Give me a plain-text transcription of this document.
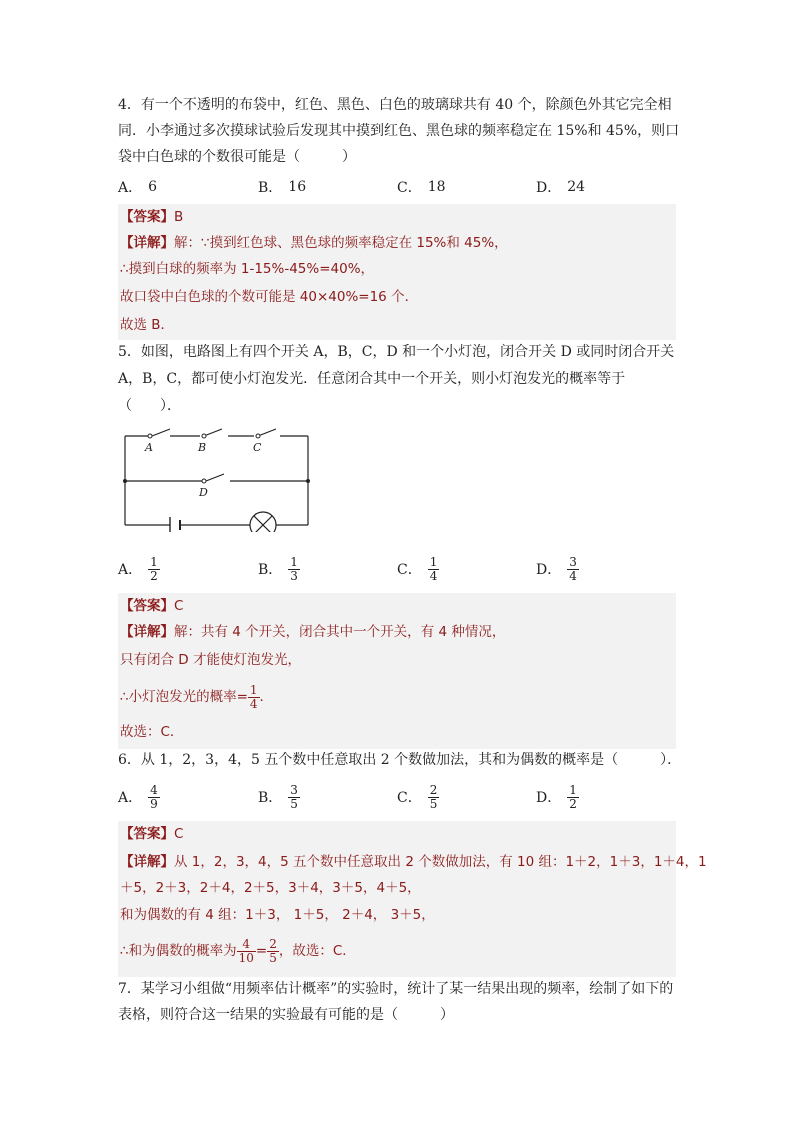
4．有一个不透明的布袋中，红色、黑色、白色的玻璃球共有 40 个，除颜色外其它完全相
同．小李通过多次摸球试验后发现其中摸到红色、黑色球的频率稳定在 15%和 45%，则口
袋中白色球的个数很可能是（　　　）
A． 6	B． 16	C． 18	D． 24
【答案】B
【详解】解：∵摸到红色球、黑色球的频率稳定在 15%和 45%，
∴摸到白球的频率为 1-15%-45%=40%，
故口袋中白色球的个数可能是 40×40%=16 个．
故选 B．
5．如图，电路图上有四个开关 A，B，C，D 和一个小灯泡，闭合开关 D 或同时闭合开关
A，B，C，都可使小灯泡发光．任意闭合其中一个开关，则小灯泡发光的概率等于
（　　）．
A	B	C
D
A． $\frac{1}{2}$	B． $\frac{1}{3}$	C． $\frac{1}{4}$	D． $\frac{3}{4}$
【答案】C
【详解】解：共有 4 个开关，闭合其中一个开关，有 4 种情况，
只有闭合 D 才能使灯泡发光，
∴小灯泡发光的概率= $\frac{1}{4}$ ．
故选：C．
6．从 1，2，3，4，5 五个数中任意取出 2 个数做加法，其和为偶数的概率是（　　　）．
A． $\frac{4}{9}$	B． $\frac{3}{5}$	C． $\frac{2}{5}$	D． $\frac{1}{2}$
【答案】C
【详解】从 1，2，3，4，5 五个数中任意取出 2 个数做加法，有 10 组：1＋2，1＋3，1＋4，1
＋5，2＋3，2＋4，2＋5，3＋4，3＋5，4＋5，
和为偶数的有 4 组：1＋3， 1＋5， 2＋4， 3＋5，
∴和为偶数的概率为 $\frac{4}{10} = \frac{2}{5}$ ，故选：C．
7．某学习小组做“用频率估计概率”的实验时，统计了某一结果出现的频率，绘制了如下的
表格，则符合这一结果的实验最有可能的是（　　　）
